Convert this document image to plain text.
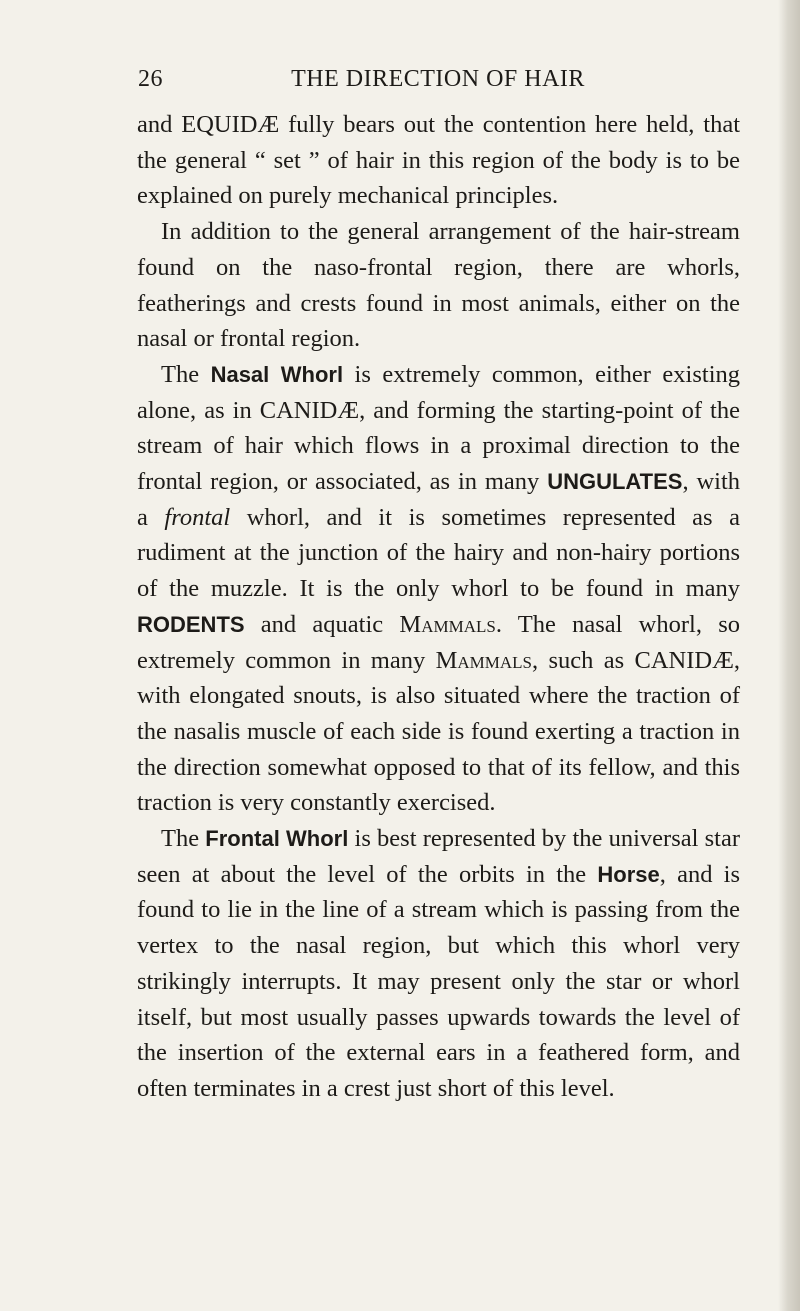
26	THE DIRECTION OF HAIR

and EQUIDÆ fully bears out the contention here held, that the general “ set ” of hair in this region of the body is to be explained on purely mechanical principles.

In addition to the general arrangement of the hair-stream found on the naso-frontal region, there are whorls, featherings and crests found in most animals, either on the nasal or frontal region.

The Nasal Whorl is extremely common, either existing alone, as in CANIDÆ, and forming the starting-point of the stream of hair which flows in a proximal direction to the frontal region, or associated, as in many UNGULATES, with a frontal whorl, and it is sometimes represented as a rudiment at the junction of the hairy and non-hairy portions of the muzzle. It is the only whorl to be found in many RODENTS and aquatic Mammals. The nasal whorl, so extremely common in many Mammals, such as CANIDÆ, with elongated snouts, is also situated where the traction of the nasalis muscle of each side is found exerting a traction in the direction somewhat opposed to that of its fellow, and this traction is very constantly exercised.

The Frontal Whorl is best represented by the universal star seen at about the level of the orbits in the Horse, and is found to lie in the line of a stream which is passing from the vertex to the nasal region, but which this whorl very strikingly interrupts. It may present only the star or whorl itself, but most usually passes upwards towards the level of the insertion of the external ears in a feathered form, and often terminates in a crest just short of this level.
